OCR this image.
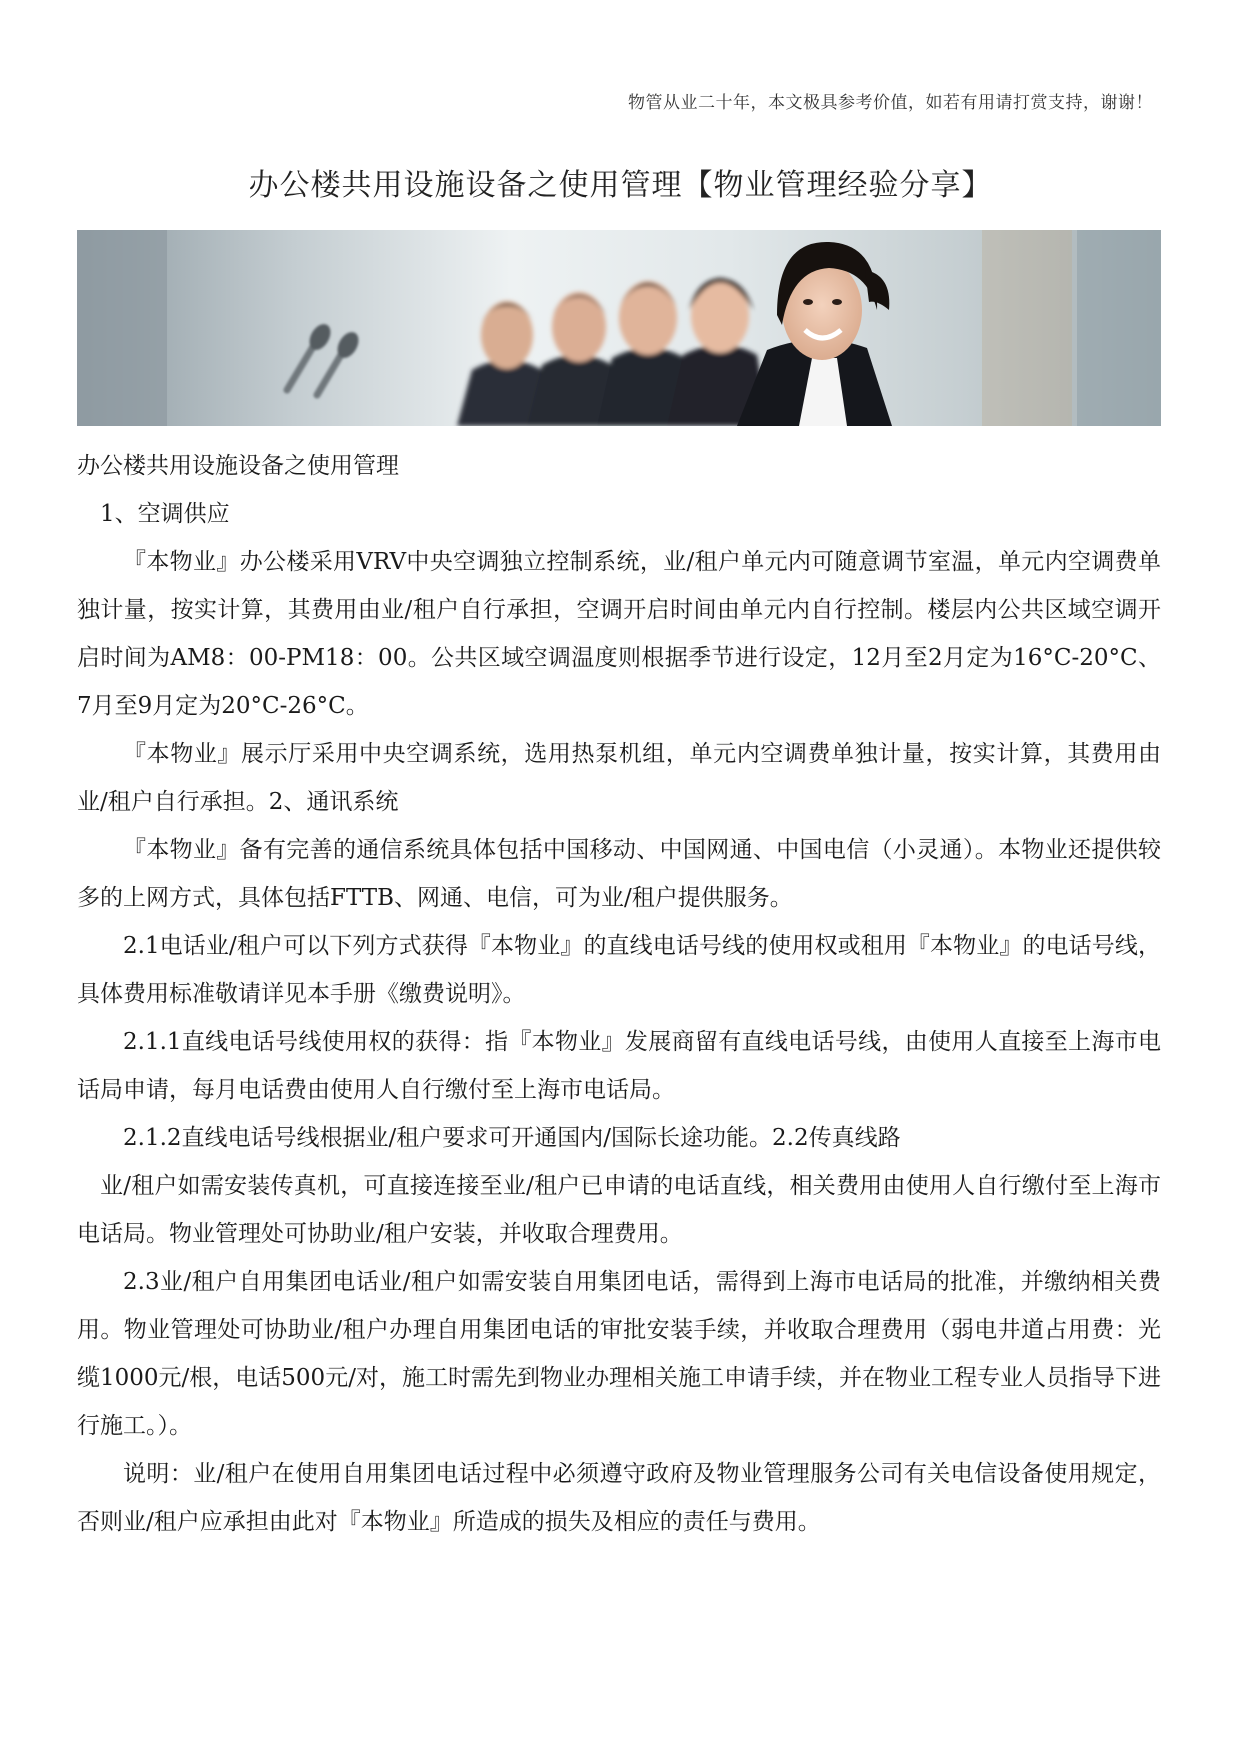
物管从业二十年，本文极具参考价值，如若有用请打赏支持，谢谢！
办公楼共用设施设备之使用管理【物业管理经验分享】

办公楼共用设施设备之使用管理

1、空调供应

『本物业』办公楼采用VRV中央空调独立控制系统，业/租户单元内可随意调节室温，单元内空调费单独计量，按实计算，其费用由业/租户自行承担，空调开启时间由单元内自行控制。楼层内公共区域空调开启时间为AM8：00-PM18：00。公共区域空调温度则根据季节进行设定，12月至2月定为16°C-20°C、7月至9月定为20°C-26°C。

『本物业』展示厅采用中央空调系统，选用热泵机组，单元内空调费单独计量，按实计算，其费用由业/租户自行承担。2、通讯系统

『本物业』备有完善的通信系统具体包括中国移动、中国网通、中国电信（小灵通）。本物业还提供较多的上网方式，具体包括FTTB、网通、电信，可为业/租户提供服务。

2.1电话业/租户可以下列方式获得『本物业』的直线电话号线的使用权或租用『本物业』的电话号线，具体费用标准敬请详见本手册《缴费说明》。

2.1.1直线电话号线使用权的获得：指『本物业』发展商留有直线电话号线，由使用人直接至上海市电话局申请，每月电话费由使用人自行缴付至上海市电话局。

2.1.2直线电话号线根据业/租户要求可开通国内/国际长途功能。2.2传真线路

业/租户如需安装传真机，可直接连接至业/租户已申请的电话直线，相关费用由使用人自行缴付至上海市电话局。物业管理处可协助业/租户安装，并收取合理费用。

2.3业/租户自用集团电话业/租户如需安装自用集团电话，需得到上海市电话局的批准，并缴纳相关费用。物业管理处可协助业/租户办理自用集团电话的审批安装手续，并收取合理费用（弱电井道占用费：光缆1000元/根，电话500元/对，施工时需先到物业办理相关施工申请手续，并在物业工程专业人员指导下进行施工。）。

说明：业/租户在使用自用集团电话过程中必须遵守政府及物业管理服务公司有关电信设备使用规定，否则业/租户应承担由此对『本物业』所造成的损失及相应的责任与费用。
